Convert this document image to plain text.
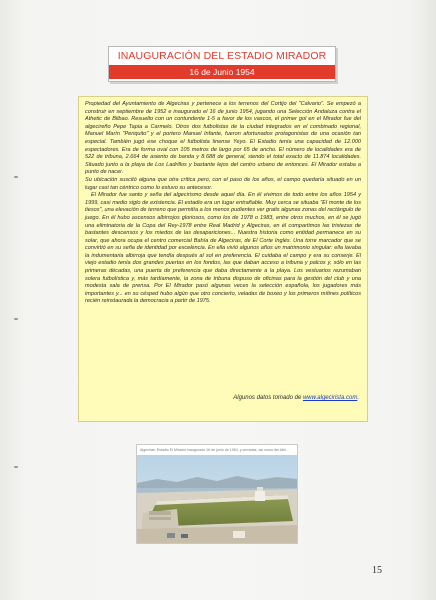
INAUGURACIÓN DEL ESTADIO MIRADOR
16 de Junio 1954

Propiedad del Ayuntamiento de Algeciras y pertenece a los terrenos del Cortijo del "Calvario". Se empezó a construir en septiembre de 1952 e inaugurado el 16 de junio 1954, jugando una Selección Andaluza contra el Athetic de Bilbao. Resuelto con un contundente 1-5 a favor de los vascos, el primer gol en el Mirador fue del algecireño Pepe Tapia a Carmelo. Otros dos futbolistas de la ciudad integrados en el combinado regional, Manuel Marín "Periquito" y el portero Manuel Infante, fueron afortunados protagonistas de una ocasión tan especial. También jugó ese choque el futbolista linense Yeyo. El Estadio tenía una capacidad de 12.000 espectadores. Era de forma oval con 105 metros de largo por 65 de ancho. El número de localidades era de 522 de tribuna, 2.664 de asiento de banda y 8.688 de general, siendo el total exacto de 11.874 localidades. Situado junto a la playa de Los Ladrillos y bastante lejos del centro urbano de entonces. El Mirador estaba a punto de nacer.

Su ubicación suscitó alguna que otra crítica pero, con el paso de los años, el campo quedaría situado en un lugar casi tan céntrico como lo estuvo su antecesor.

El Mirador fue santo y seña del algecirismo desde aquel día. En él vivimos de todo entre los años 1954 y 1999, casi medio siglo de existencia. El estadio era un lugar entrañable. Muy cerca se situaba "El monte de los tiesos", una elevación de terreno que permitía a los menos pudientes ver gratis algunas zonas del rectángulo de juego. En él hubo ascensos albirrojos gloriosos, como los de 1978 o 1983, entre otros muchos, en él se jugó una eliminatoria de la Copa del Rey-1978 entre Real Madrid y Algeciras, en él compartimos las tristezas de bastantes descensos y los miedos de las desapariciones... Nuestra historia como entidad permanece en su solar, que ahora ocupa el centro comercial Bahía de Algeciras, de El Corte Inglés. Una torre marcador que se convirtió en su seña de identidad por excelencia. En ella vivió algunos años un matrimonio singular: ella lavaba la indumentaria albirroja que tendía después al sol en preferencia. El cuidaba el campo y era su conserje. El viejo estadio tenía dos grandes puertas en los fondos, las que daban acceso a tribuna y palcos y, sólo en las primeras décadas, una puerta de preferencia que daba directamente a la playa. Los vestuarios rezumaban solera futbolística y, más tardíamente, la zona de tribuna dispuso de oficinas para la gestión del club y una modesta sala de prensa. Por El Mirador pasó algunas veces la selección española, los jugadores más importantes y... en su césped hubo algún que otro concierto, veladas de boxeo y los primeros mítines políticos recién reinstaurada la democracia a partir de 1975.

Algunos datos tomado de www.algecirista.com.
Algeciras: Estadio El Mirador inaugurado 16 de junio de 1954, y cerradas, así como del Athl...
15
